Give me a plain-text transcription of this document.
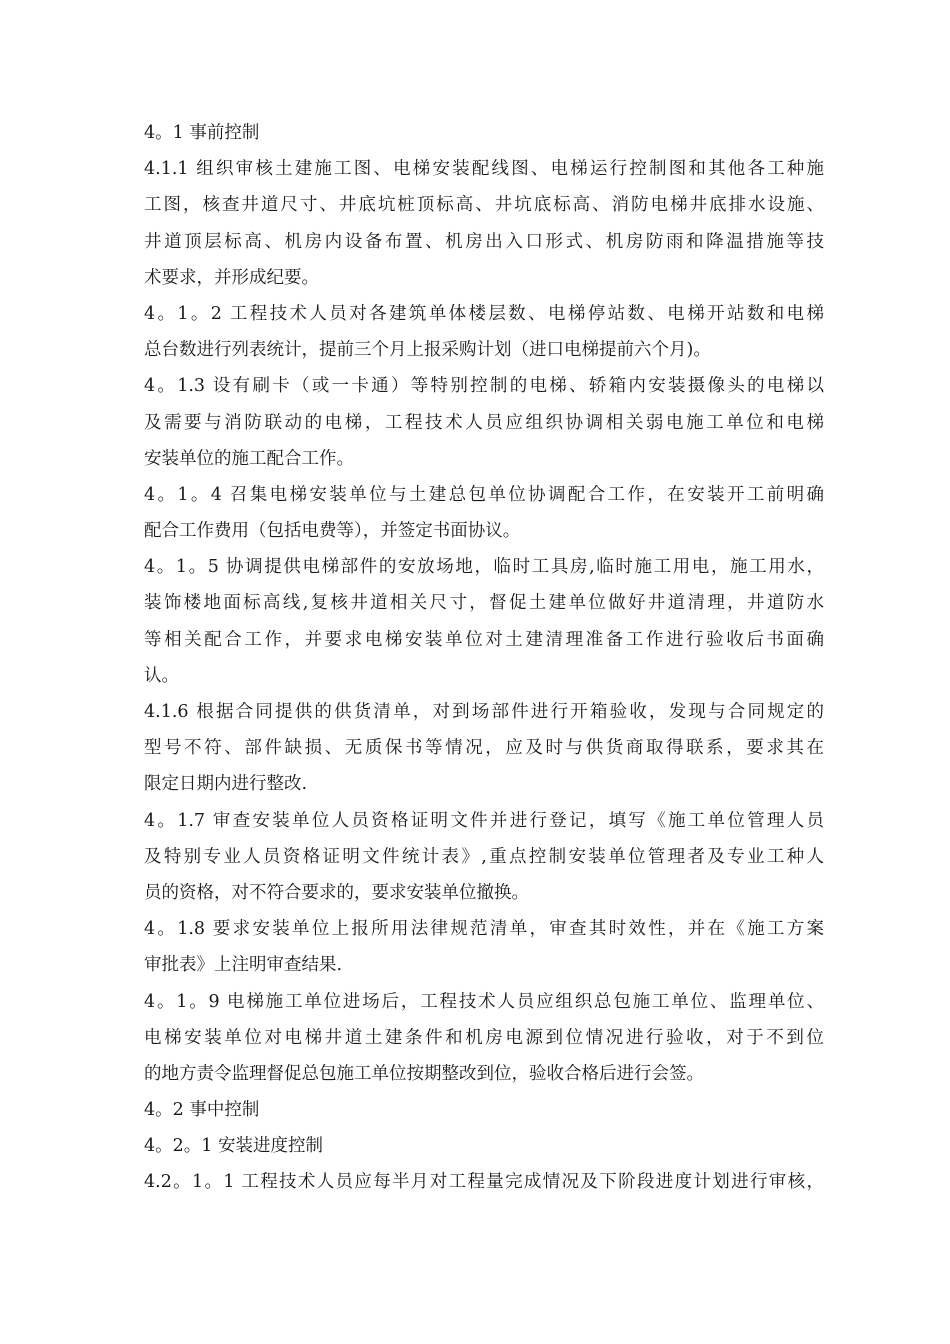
4。1 事前控制
4.1.1 组织审核土建施工图、电梯安装配线图、电梯运行控制图和其他各工种施
工图，核查井道尺寸、井底坑桩顶标高、井坑底标高、消防电梯井底排水设施、
井道顶层标高、机房内设备布置、机房出入口形式、机房防雨和降温措施等技
术要求，并形成纪要。
4。1。2 工程技术人员对各建筑单体楼层数、电梯停站数、电梯开站数和电梯
总台数进行列表统计，提前三个月上报采购计划（进口电梯提前六个月)。
4。1.3 设有刷卡（或一卡通）等特别控制的电梯、轿箱内安装摄像头的电梯以
及需要与消防联动的电梯，工程技术人员应组织协调相关弱电施工单位和电梯
安装单位的施工配合工作。
4。1。4 召集电梯安装单位与土建总包单位协调配合工作，在安装开工前明确
配合工作费用（包括电费等），并签定书面协议。
4。1。5 协调提供电梯部件的安放场地，临时工具房,临时施工用电，施工用水，
装饰楼地面标高线,复核井道相关尺寸，督促土建单位做好井道清理，井道防水
等相关配合工作，并要求电梯安装单位对土建清理准备工作进行验收后书面确
认。
4.1.6 根据合同提供的供货清单，对到场部件进行开箱验收，发现与合同规定的
型号不符、部件缺损、无质保书等情况，应及时与供货商取得联系，要求其在
限定日期内进行整改.
4。1.7 审查安装单位人员资格证明文件并进行登记，填写《施工单位管理人员
及特别专业人员资格证明文件统计表》,重点控制安装单位管理者及专业工种人
员的资格，对不符合要求的，要求安装单位撤换。
4。1.8 要求安装单位上报所用法律规范清单，审查其时效性，并在《施工方案
审批表》上注明审查结果.
4。1。9 电梯施工单位进场后，工程技术人员应组织总包施工单位、监理单位、
电梯安装单位对电梯井道土建条件和机房电源到位情况进行验收，对于不到位
的地方责令监理督促总包施工单位按期整改到位，验收合格后进行会签。
4。2 事中控制
4。2。1 安装进度控制
4.2。1。1 工程技术人员应每半月对工程量完成情况及下阶段进度计划进行审核，
